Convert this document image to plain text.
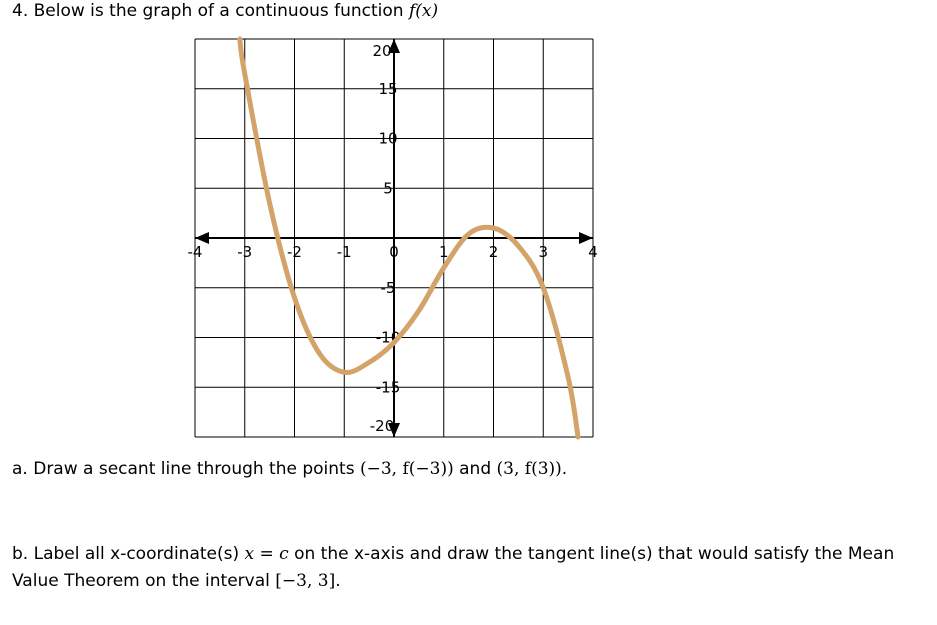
4. Below is the graph of a continuous function f(x)
-4 -3 -2 -1 0	1	2	3	4
20
15
10
5
-5
-10
-15
-20
a. Draw a secant line through the points (−3, f(−3)) and (3, f(3)).
b. Label all x-coordinate(s) x = c on the x-axis and draw the tangent line(s) that would satisfy the Mean Value Theorem on the interval [−3, 3].
